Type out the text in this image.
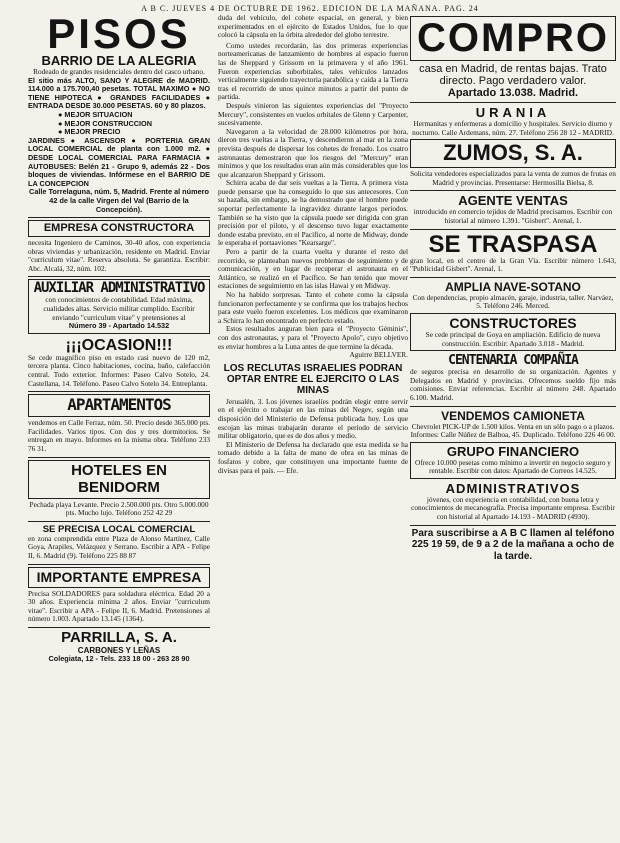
A B C. JUEVES 4 DE OCTUBRE DE 1962. EDICION DE LA MAÑANA. PAG. 24
PISOS
BARRIO DE LA ALEGRIA

Rodeado de grandes residenciales dentro del casco urbano.

El sitio más ALTO, SANO Y ALEGRE de MADRID. 114.000 a 175.700,40 pesetas. TOTAL MAXIMO ● NO TIENE HIPOTECA ● GRANDES FACILIDADES ● ENTRADA DESDE 30.000 PESETAS. 60 y 80 plazos.

● MEJOR SITUACION

● MEJOR CONSTRUCCION

● MEJOR PRECIO

JARDINES ● ASCENSOR ● PORTERIA GRAN LOCAL COMERCIAL de planta con 1.000 m2. ● DESDE LOCAL COMERCIAL PARA FARMACIA ● AUTOBUSES: Belén 21 - Grupo 9, además 22 - Dos bloques de viviendas. Infórmese en el BARRIO DE LA CONCEPCION

Calle Torrelaguna, núm. 5, Madrid. Frente al número 42 de la calle Virgen del Val (Barrio de la Concepción).

EMPRESA CONSTRUCTORA

necesita Ingeniero de Caminos, 30-40 años, con experiencia obras viviendas y urbanización, residente en Madrid. Enviar "curriculum vitae". Reserva absoluta. Se garantiza. Escribir: Abc. Alcalá, 32, núm. 102.

AUXILIAR ADMINISTRATIVO

con conocimientos de contabilidad. Edad máxima, cualidades altas. Servicio militar cumplido. Escribir enviando "curriculum vitae" y pretensiones al

Número 39 - Apartado 14.532

¡¡¡OCASION!!!

Se cede magnífico piso en estado casi nuevo de 120 m2, tercera planta. Cinco habitaciones, cocina, baño, calefacción central. Todo exterior. Informes: Paseo Calvo Sotelo, 24. Castellana, 14. Teléfono. Paseo Calvo Sotelo 34. Entreplanta.

APARTAMENTOS

vendemos en Calle Ferraz, núm. 50. Precio desde 365.000 pts. Facilidades. Varios tipos. Con dos y tres dormitorios. Se entregan en mayo. Informes en la misma obra. Teléfono 233 76 31.

HOTELES EN BENIDORM

Pechada playa Levante. Precio 2.500.000 pts. Otro 5.000.000 pts. Mucho lujo. Teléfono 252 42 29

SE PRECISA LOCAL COMERCIAL

en zona comprendida entre Plaza de Alonso Martínez, Calle Goya, Arapiles, Velázquez y Serrano. Escribir a APA - Felipe II, 6. Madrid (9). Teléfono 225 88 87

IMPORTANTE EMPRESA

Precisa SOLDADORES para soldadura eléctrica. Edad 20 a 30 años. Experiencia mínima 2 años. Enviar "curriculum vitae". Escribir a APA - Felipe II, 6. Madrid. Pretensiones al número 1.003. Apartado 13.145 (1364).

PARRILLA, S. A.
CARBONES Y LEÑAS

Colegiata, 12 - Tels. 233 18 00 - 263 28 90

duda del vehículo, del cohete espacial, en general, y bien experimentados en el ejército de Estados Unidos, fue lo que colocó la cápsula en la órbita alrededor del globo terrestre.

Como ustedes recordarán, las dos primeras experiencias norteamericanas de lanzamiento de hombres al espacio fueron las de Sheppard y Grissom en la primavera y el año 1961. Fueron experiencias suborbitales, tales vehículos lanzados verticalmente siguiendo trayectoria parabólica y caída a la Tierra tras el recorrido de unos quince minutos a partir del punto de partida.

Después vinieron las siguientes experiencias del "Proyecto Mercury", consistentes en vuelos orbitales de Glenn y Carpenter, sucesivamente.

Navegaron a la velocidad de 28.000 kilómetros por hora, dieron tres vueltas a la Tierra, y descendieron al mar en la zona prevista después de dispersar los cohetes de frenado. Los cuatro astronautas demostraron que los riesgos del "Mercury" eran mínimos y que los resultados eran aún más considerables que los que alcanzaron Sheppard y Grissom.

Schirra acaba de dar seis vueltas a la Tierra. A primera vista puede pensarse que ha conseguido lo que sus antecesores. Con su hazaña, sin embargo, se ha demostrado que el hombre puede soportar perfectamente la ingravidez durante largos períodos. También se ha visto que la cápsula puede ser dirigida con gran precisión por el piloto, y el descenso tuvo lugar exactamente donde estaba previsto, en el Pacífico, al norte de Midway, donde le esperaba el portaaviones "Kearsarge".

Pero a partir de la cuarta vuelta y durante el resto del recorrido, se planteaban nuevos problemas de seguimiento y de comunicación, y en lugar de recuperar el astronauta en el Atlántico, se realizó en el Pacífico. Se han tenido que mover estaciones de seguimiento en las islas Hawai y en Midway.

No ha habido sorpresas. Tanto el cohete como la cápsula funcionaron perfectamente y se confirma que los trabajos hechos para este vuelo fueron excelentes. Los médicos que examinaron a Schirra lo han encontrado en perfecto estado.

Estos resultados auguran bien para el "Proyecto Géminis", con dos astronautas, y para el "Proyecto Apolo", cuyo objetivo es enviar hombres a la Luna antes de que termine la década.

Aguirre BELLVER.

LOS RECLUTAS ISRAELIES PODRAN OPTAR ENTRE EL EJERCITO O LAS MINAS

Jerusalén, 3. Los jóvenes israelíes podrán elegir entre servir en el ejército o trabajar en las minas del Negev, según una disposición del Ministerio de Defensa publicada hoy. Los que escojan las minas trabajarán durante el período de servicio militar obligatorio, que es de dos años y medio.

El Ministerio de Defensa ha declarado que esta medida se ha tomado debido a la falta de mano de obra en las minas de fosfatos y cobre, que constituyen una importante fuente de divisas para el país. — Efe.

COMPRO

casa en Madrid, de rentas bajas. Trato directo. Pago verdadero valor.

Apartado 13.038. Madrid.

URANIA

Hermanitas y enfermeras a domicilio y hospitales. Servicio diurno y nocturno. Calle Ardemans, núm. 27. Teléfono 256 28 12 - MADRID.

ZUMOS, S. A.

Solicita vendedores especializados para la venta de zumos de frutas en Madrid y provincias. Presentarse: Hermosilla Bielsa, 8.

AGENTE VENTAS

introducido en comercio tejidos de Madrid precisamos. Escribir con historial al número 1.391. "Gisbert". Arenal, 1.

SE TRASPASA

gran local, en el centro de la Gran Vía. Escribir número 1.643, "Publicidad Gisbert". Arenal, 1.

AMPLIA NAVE-SOTANO

Con dependencias, propio almacén, garaje, industria, taller. Narváez, 5. Teléfono 246. Merced.

CONSTRUCTORES

Se cede principal de Goya en ampliación. Edificio de nueva construcción. Escribir: Apartado 3.018 - Madrid.

CENTENARIA COMPAÑIA

de seguros precisa en desarrollo de su organización. Agentes y Delegados en Madrid y provincias. Ofrecemos sueldo fijo más comisiones. Enviar referencias. Escribir al número 248. Apartado 6.100. Madrid.

VENDEMOS CAMIONETA

Chevrolet PICK-UP de 1.500 kilos. Venta en un sólo pago o a plazos. Informes: Calle Núñez de Balboa, 45. Duplicado. Teléfono 226 46 00.

GRUPO FINANCIERO

Ofrece 10.000 pesetas como mínimo a invertir en negocio seguro y rentable. Escribir con datos: Apartado de Correos 14.525.

ADMINISTRATIVOS

jóvenes, con experiencia en contabilidad, con buena letra y conocimientos de mecanografía. Precisa importante empresa. Escribir con historial al Apartado 14.193 - MADRID (4930).

Para suscribirse a A B C llamen al teléfono 225 19 59, de 9 a 2 de la mañana a ocho de la tarde.
